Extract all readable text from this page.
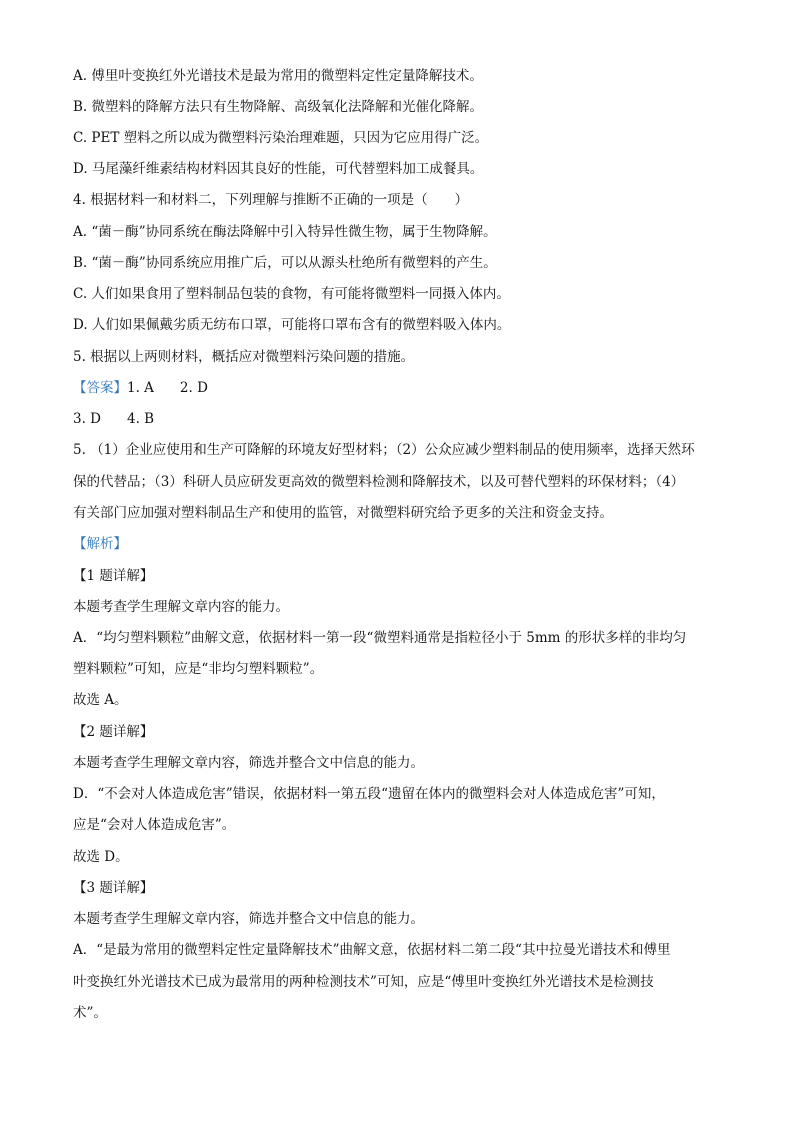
A. 傅里叶变换红外光谱技术是最为常用的微塑料定性定量降解技术。
B. 微塑料的降解方法只有生物降解、高级氧化法降解和光催化降解。
C. PET 塑料之所以成为微塑料污染治理难题，只因为它应用得广泛。
D. 马尾藻纤维素结构材料因其良好的性能，可代替塑料加工成餐具。
4. 根据材料一和材料二，下列理解与推断不正确的一项是（　　）
A. “菌－酶”协同系统在酶法降解中引入特异性微生物，属于生物降解。
B. “菌－酶”协同系统应用推广后，可以从源头杜绝所有微塑料的产生。
C. 人们如果食用了塑料制品包装的食物，有可能将微塑料一同摄入体内。
D. 人们如果佩戴劣质无纺布口罩，可能将口罩布含有的微塑料吸入体内。
5. 根据以上两则材料，概括应对微塑料污染问题的措施。
【答案】1. A 2. D
3. D 4. B
5. （1）企业应使用和生产可降解的环境友好型材料；（2）公众应减少塑料制品的使用频率，选择天然环
保的代替品；（3）科研人员应研发更高效的微塑料检测和降解技术，以及可替代塑料的环保材料；（4）
有关部门应加强对塑料制品生产和使用的监管，对微塑料研究给予更多的关注和资金支持。
【解析】
【1 题详解】
本题考查学生理解文章内容的能力。
A．“均匀塑料颗粒”曲解文意，依据材料一第一段“微塑料通常是指粒径小于 5mm 的形状多样的非均匀
塑料颗粒”可知，应是“非均匀塑料颗粒”。
故选 A。
【2 题详解】
本题考查学生理解文章内容，筛选并整合文中信息的能力。
D．“不会对人体造成危害”错误，依据材料一第五段“遗留在体内的微塑料会对人体造成危害”可知，
应是“会对人体造成危害”。
故选 D。
【3 题详解】
本题考查学生理解文章内容，筛选并整合文中信息的能力。
A．“是最为常用的微塑料定性定量降解技术”曲解文意，依据材料二第二段“其中拉曼光谱技术和傅里
叶变换红外光谱技术已成为最常用的两种检测技术”可知，应是“傅里叶变换红外光谱技术是检测技
术”。
